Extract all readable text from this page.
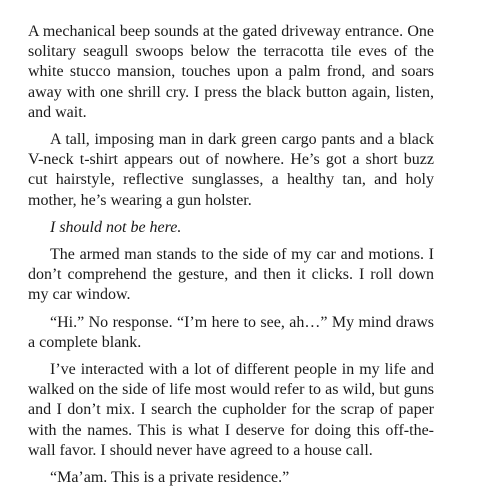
A mechanical beep sounds at the gated driveway entrance. One solitary seagull swoops below the terracotta tile eves of the white stucco mansion, touches upon a palm frond, and soars away with one shrill cry. I press the black button again, listen, and wait.

A tall, imposing man in dark green cargo pants and a black V-neck t-shirt appears out of nowhere. He’s got a short buzz cut hairstyle, reflective sunglasses, a healthy tan, and holy mother, he’s wearing a gun holster.

I should not be here.

The armed man stands to the side of my car and motions. I don’t comprehend the gesture, and then it clicks. I roll down my car window.

“Hi.” No response. “I’m here to see, ah…” My mind draws a complete blank.

I’ve interacted with a lot of different people in my life and walked on the side of life most would refer to as wild, but guns and I don’t mix. I search the cupholder for the scrap of paper with the names. This is what I deserve for doing this off-the-wall favor. I should never have agreed to a house call.

“Ma’am. This is a private residence.”
